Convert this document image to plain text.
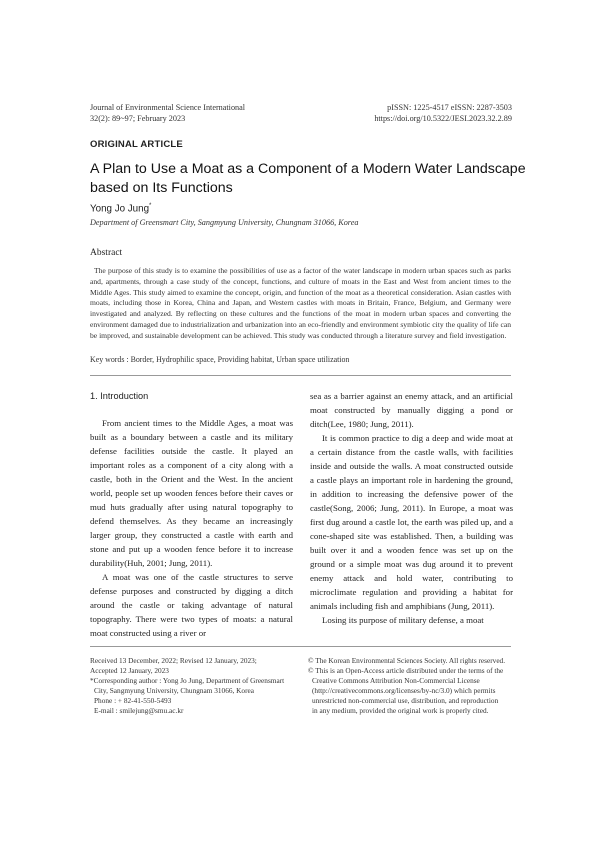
Journal of Environmental Science International
32(2): 89~97; February 2023
pISSN: 1225-4517 eISSN: 2287-3503
https://doi.org/10.5322/JESI.2023.32.2.89
ORIGINAL ARTICLE
A Plan to Use a Moat as a Component of a Modern Water Landscape based on Its Functions
Yong Jo Jung*
Department of Greensmart City, Sangmyung University, Chungnam 31066, Korea
Abstract

The purpose of this study is to examine the possibilities of use as a factor of the water landscape in modern urban spaces such as parks and, apartments, through a case study of the concept, functions, and culture of moats in the East and West from ancient times to the Middle Ages. This study aimed to examine the concept, origin, and function of the moat as a theoretical consideration. Asian castles with moats, including those in Korea, China and Japan, and Western castles with moats in Britain, France, Belgium, and Germany were investigated and analyzed. By reflecting on these cultures and the functions of the moat in modern urban spaces and converting the environment damaged due to industrialization and urbanization into an eco-friendly and environment symbiotic city the quality of life can be improved, and sustainable development can be achieved. This study was conducted through a literature survey and field investigation.

Key words : Border, Hydrophilic space, Providing habitat, Urban space utilization
1. Introduction

From ancient times to the Middle Ages, a moat was built as a boundary between a castle and its military defense facilities outside the castle. It played an important roles as a component of a city along with a castle, both in the Orient and the West. In the ancient world, people set up wooden fences before their caves or mud huts gradually after using natural topography to defend themselves. As they became an increasingly larger group, they constructed a castle with earth and stone and put up a wooden fence before it to increase durability(Huh, 2001; Jung, 2011).

A moat was one of the castle structures to serve defense purposes and constructed by digging a ditch around the castle or taking advantage of natural topography. There were two types of moats: a natural moat constructed using a river or

sea as a barrier against an enemy attack, and an artificial moat constructed by manually digging a pond or ditch(Lee, 1980; Jung, 2011).

It is common practice to dig a deep and wide moat at a certain distance from the castle walls, with facilities inside and outside the walls. A moat constructed outside a castle plays an important role in hardening the ground, in addition to increasing the defensive power of the castle(Song, 2006; Jung, 2011). In Europe, a moat was first dug around a castle lot, the earth was piled up, and a cone-shaped site was established. Then, a building was built over it and a wooden fence was set up on the ground or a simple moat was dug around it to prevent enemy attack and hold water, contributing to microclimate regulation and providing a habitat for animals including fish and amphibians (Jung, 2011).

Losing its purpose of military defense, a moat

Received 13 December, 2022; Revised 12 January, 2023;
Accepted 12 January, 2023
*Corresponding author : Yong Jo Jung, Department of Greensmart
City, Sangmyung University, Chungnam 31066, Korea
Phone : + 82-41-550-5493
E-mail : smilejung@smu.ac.kr
© The Korean Environmental Sciences Society. All rights reserved.
© This is an Open-Access article distributed under the terms of the
Creative Commons Attribution Non-Commercial License
(http://creativecommons.org/licenses/by-nc/3.0) which permits
unrestricted non-commercial use, distribution, and reproduction
in any medium, provided the original work is properly cited.
